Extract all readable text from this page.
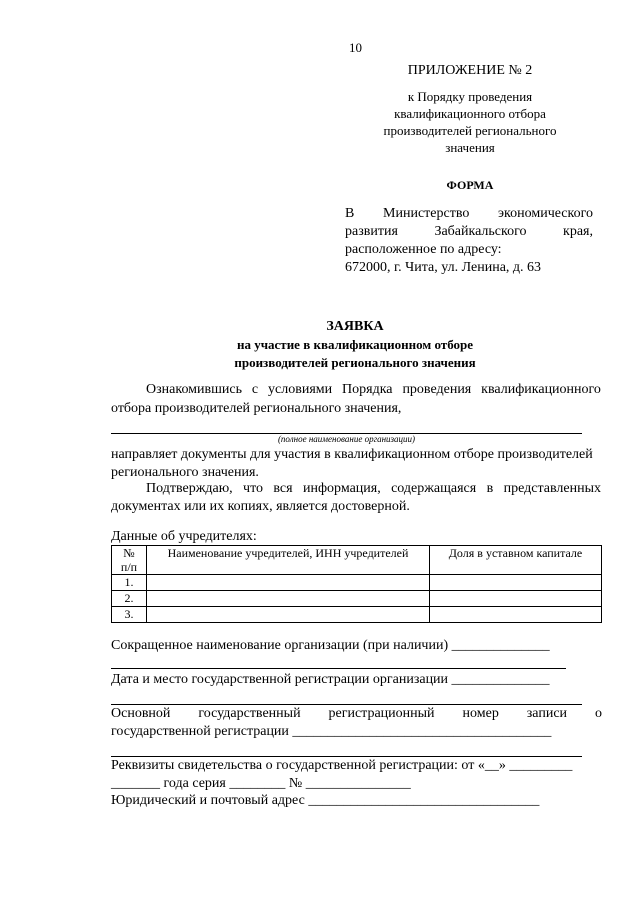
10
ПРИЛОЖЕНИЕ № 2
к Порядку проведения
квалификационного отбора
производителей регионального
значения
ФОРМА
В Министерство экономического
развития	Забайкальского	края,
расположенное по адресу:
672000, г. Чита, ул. Ленина, д. 63
ЗАЯВКА
на участие в квалификационном отборе
производителей регионального значения
Ознакомившись с условиями Порядка проведения квалификационного
отбора производителей регионального значения,
(полное наименование организации)
направляет документы для участия в квалификационном отборе производителей
регионального значения.
Подтверждаю, что вся информация, содержащаяся в представленных
документах или их копиях, является достоверной.
Данные об учредителях:
№
п/п	Наименование учредителей, ИНН учредителей	Доля в уставном капитале
1.		
2.		
3.		
Сокращенное наименование организации (при наличии) ______________
Дата и место государственной регистрации организации ______________
Основной государственный регистрационный номер записи о
государственной регистрации _____________________________________
Реквизиты свидетельства о государственной регистрации: от «__» _________
_______ года серия ________ № _______________
Юридический и почтовый адрес _________________________________
